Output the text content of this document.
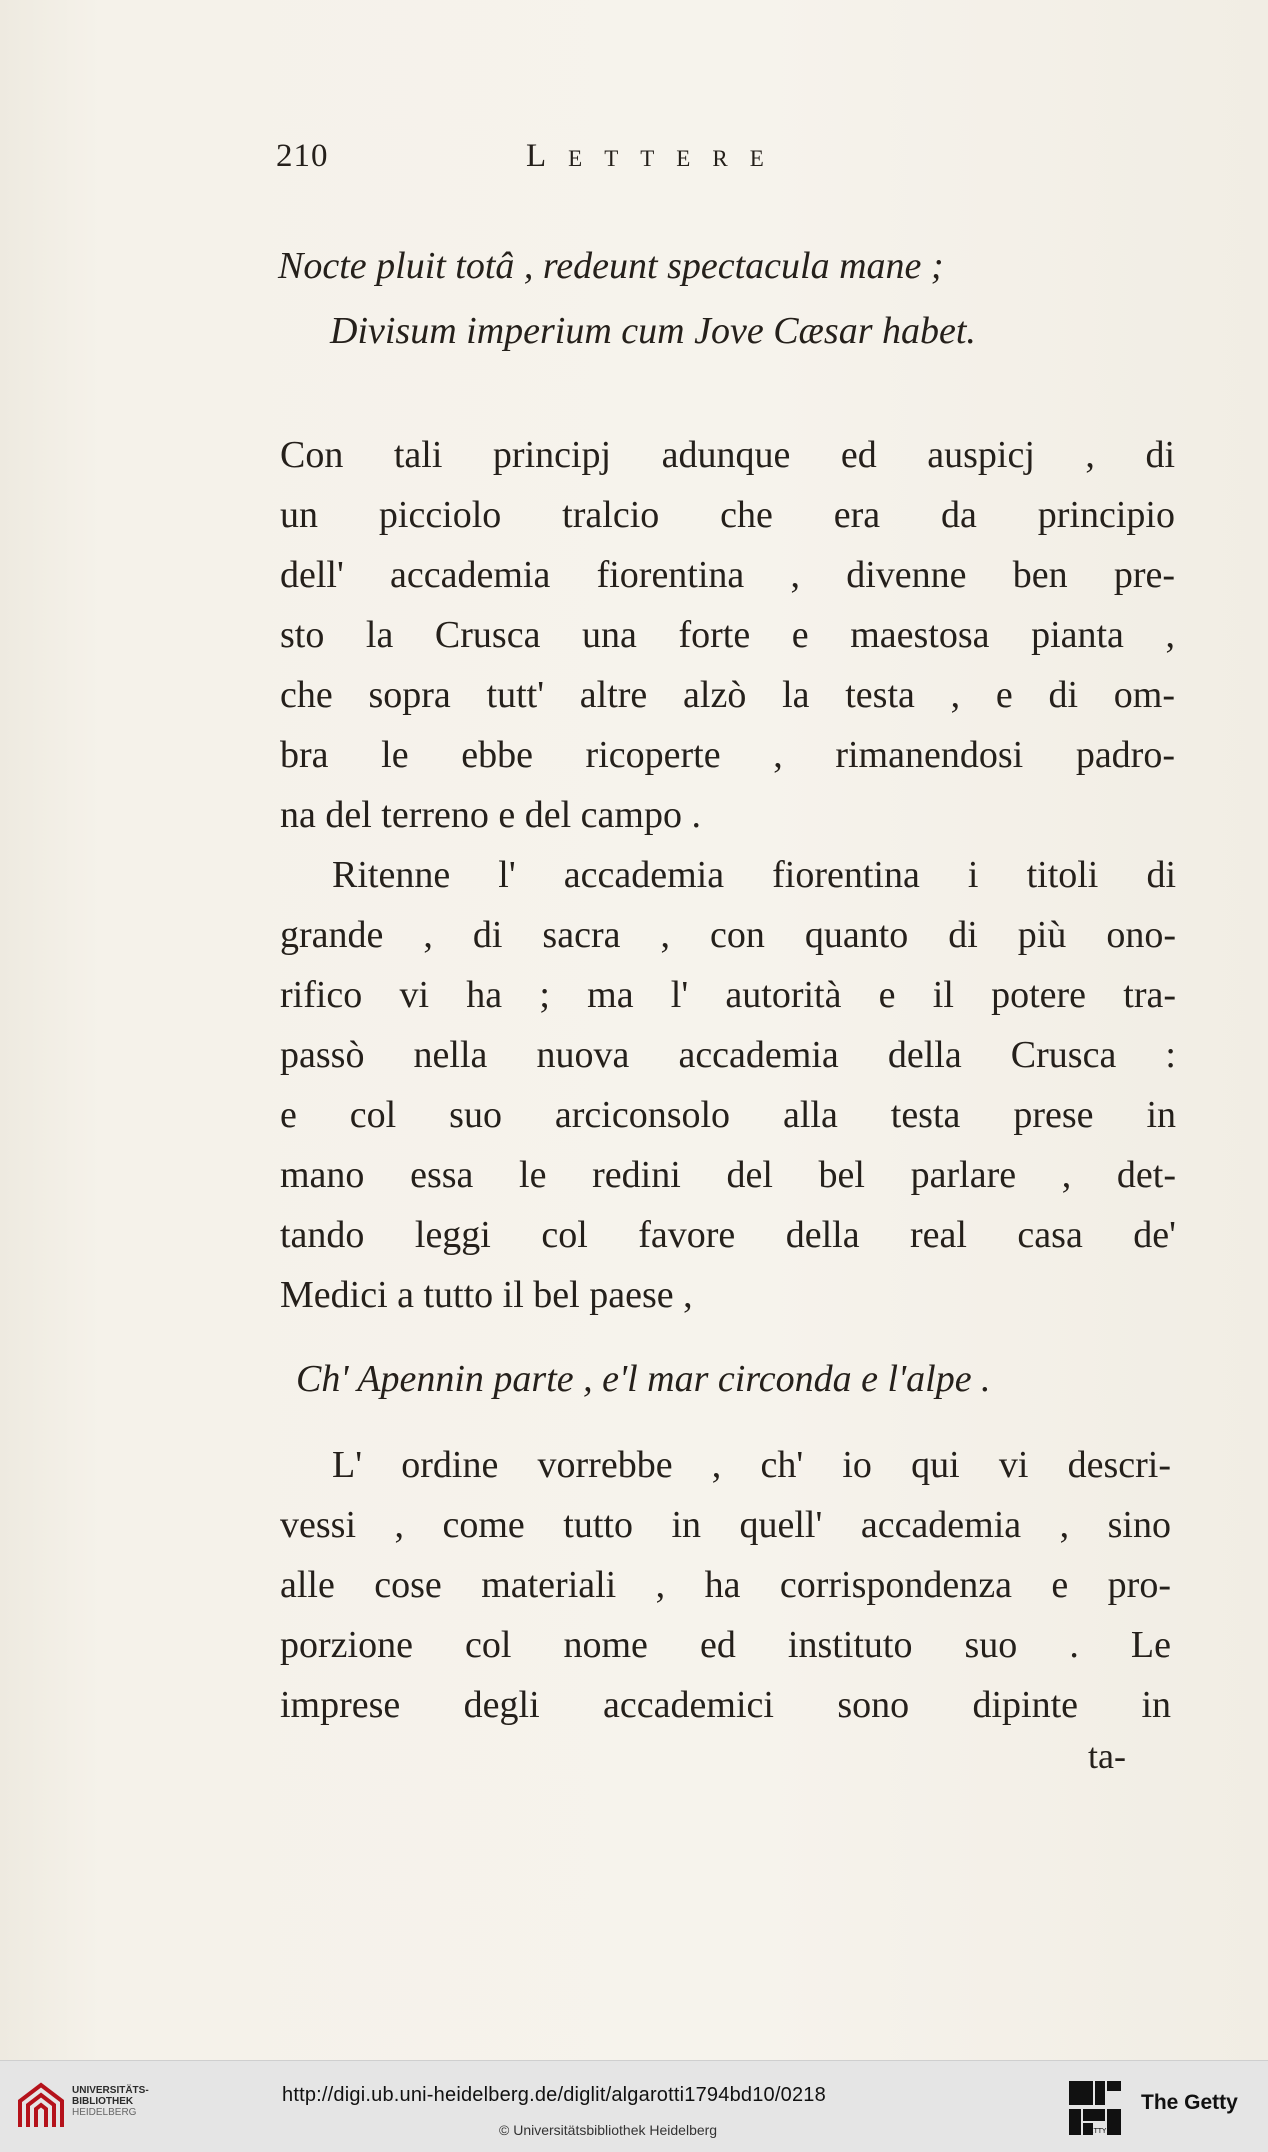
210	Lettere
Nocte pluit totâ , redeunt spectacula mane ;
Divisum imperium cum Jove Cæsar habet.
Con tali principj adunque ed auspicj , di
un picciolo tralcio che era da principio
dell' accademia fiorentina , divenne ben pre-
sto la Crusca una forte e maestosa pianta ,
che sopra tutt' altre alzò la testa , e di om-
bra le ebbe ricoperte , rimanendosi padro-
na del terreno e del campo .
Ritenne l' accademia fiorentina i titoli di
grande , di sacra , con quanto di più ono-
rifico vi ha ; ma l' autorità e il potere tra-
passò nella nuova accademia della Crusca :
e col suo arciconsolo alla testa prese in
mano essa le redini del bel parlare , det-
tando leggi col favore della real casa de'
Medici a tutto il bel paese ,
Ch' Apennin parte , e'l mar circonda e l'alpe .
L' ordine vorrebbe , ch' io qui vi descri-
vessi , come tutto in quell' accademia , sino
alle cose materiali , ha corrispondenza e pro-
porzione col nome ed instituto suo . Le
imprese degli accademici sono dipinte in
ta-
UNIVERSITÄTS-
BIBLIOTHEK
HEIDELBERG
http://digi.ub.uni-heidelberg.de/diglit/algarotti1794bd10/0218
© Universitätsbibliothek Heidelberg	GETTY
The Getty
